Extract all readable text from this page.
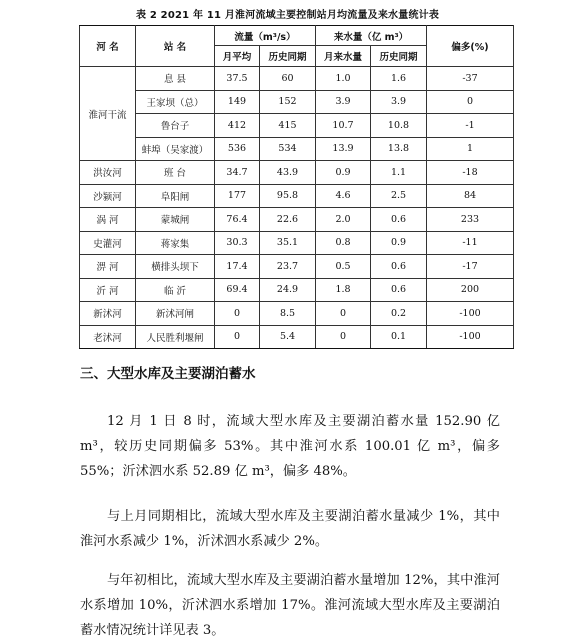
表 2 2021 年 11 月淮河流域主要控制站月均流量及来水量统计表
河 名	站 名	流量（m³/s）		来水量（亿 m³）		偏多(%)
		月平均	历史同期	月来水量	历史同期	
淮河干流	息 县	37.5	60	1.0	1.6	-37
	王家坝（总）	149	152	3.9	3.9	0
	鲁台子	412	415	10.7	10.8	-1
	蚌埠（吴家渡）	536	534	13.9	13.8	1
洪汝河	班 台	34.7	43.9	0.9	1.1	-18
沙颍河	阜阳闸	177	95.8	4.6	2.5	84
涡 河	蒙城闸	76.4	22.6	2.0	0.6	233
史灌河	蒋家集	30.3	35.1	0.8	0.9	-11
淠 河	横排头坝下	17.4	23.7	0.5	0.6	-17
沂 河	临 沂	69.4	24.9	1.8	0.6	200
新沭河	新沭河闸	0	8.5	0	0.2	-100
老沭河	人民胜利堰闸	0	5.4	0	0.1	-100
三、大型水库及主要湖泊蓄水

12 月 1 日 8 时，流域大型水库及主要湖泊蓄水量 152.90 亿 m³，较历史同期偏多 53%。其中淮河水系 100.01 亿 m³，偏多 55%；沂沭泗水系 52.89 亿 m³，偏多 48%。

与上月同期相比，流域大型水库及主要湖泊蓄水量减少 1%，其中淮河水系减少 1%，沂沭泗水系减少 2%。

与年初相比，流域大型水库及主要湖泊蓄水量增加 12%，其中淮河水系增加 10%，沂沭泗水系增加 17%。淮河流域大型水库及主要湖泊蓄水情况统计详见表 3。
